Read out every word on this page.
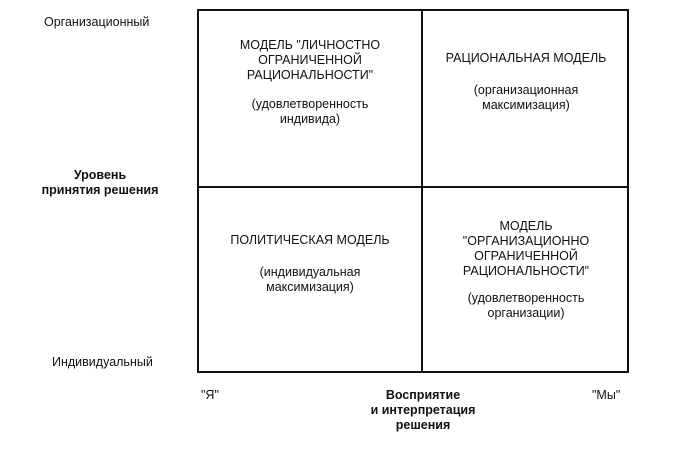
Организационный
Уровень
принятия решения
Индивидуальный
МОДЕЛЬ "ЛИЧНОСТНО
ОГРАНИЧЕННОЙ
РАЦИОНАЛЬНОСТИ"
(удовлетворенность
индивида)
РАЦИОНАЛЬНАЯ МОДЕЛЬ
(организационная
максимизация)
ПОЛИТИЧЕСКАЯ МОДЕЛЬ
(индивидуальная
максимизация)
МОДЕЛЬ
"ОРГАНИЗАЦИОННО
ОГРАНИЧЕННОЙ
РАЦИОНАЛЬНОСТИ"
(удовлетворенность
организации)
"Я"	Восприятие
и интерпретация
решения
"Мы"
